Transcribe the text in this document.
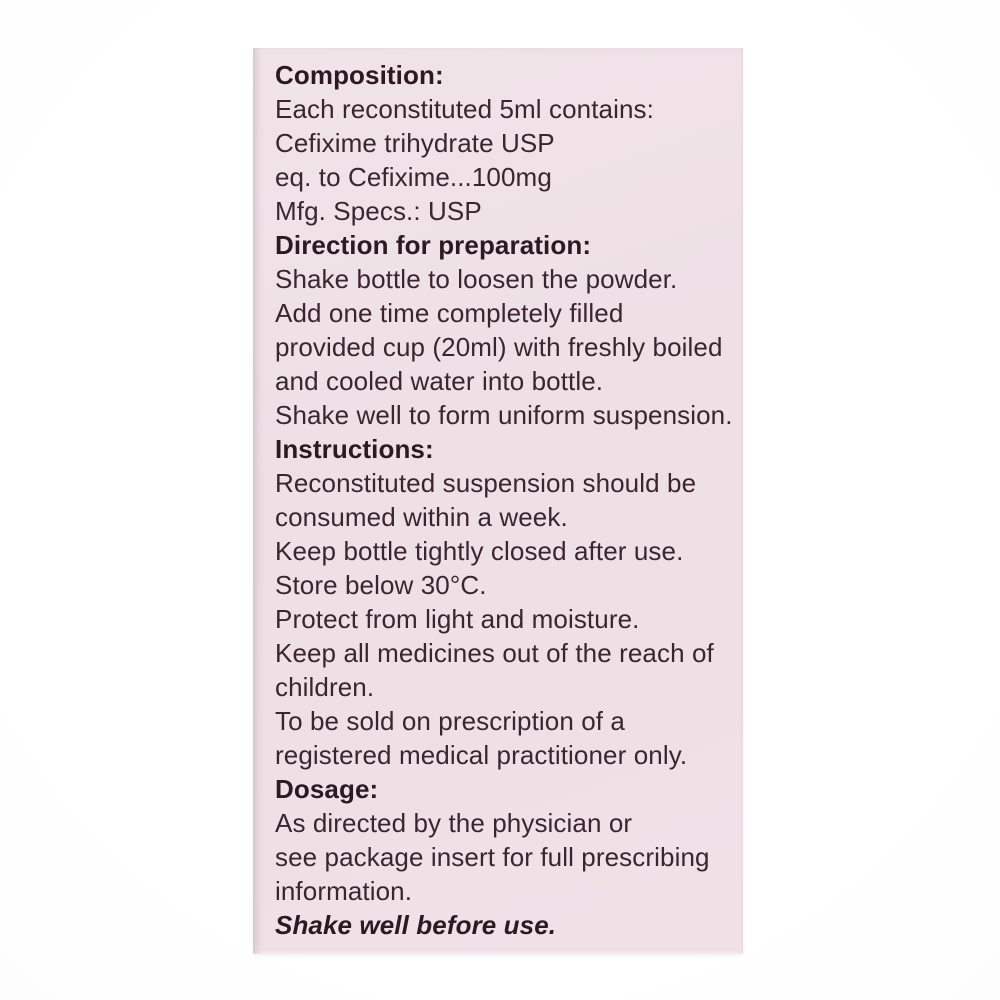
Composition:
Each reconstituted 5ml contains:
Cefixime trihydrate USP
eq. to Cefixime...100mg
Mfg. Specs.: USP
Direction for preparation:
Shake bottle to loosen the powder.
Add one time completely filled
provided cup (20ml) with freshly boiled
and cooled water into bottle.
Shake well to form uniform suspension.
Instructions:
Reconstituted suspension should be
consumed within a week.
Keep bottle tightly closed after use.
Store below 30°C.
Protect from light and moisture.
Keep all medicines out of the reach of
children.
To be sold on prescription of a
registered medical practitioner only.
Dosage:
As directed by the physician or
see package insert for full prescribing
information.
Shake well before use.
